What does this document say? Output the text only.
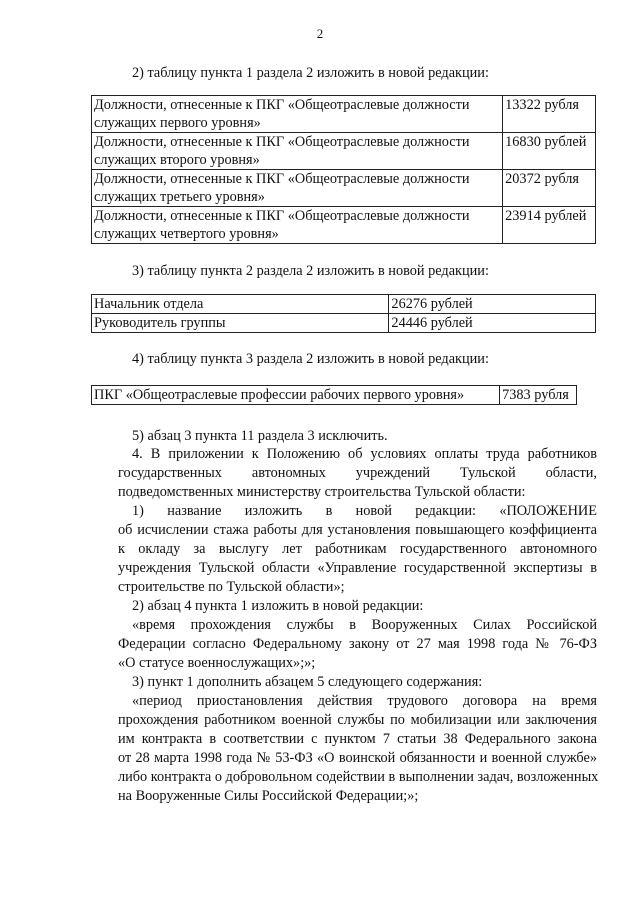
2
2) таблицу пункта 1 раздела 2 изложить в новой редакции:
Должности, отнесенные к ПКГ «Общеотраслевые должности
служащих первого уровня»	13322 рубля

Должности, отнесенные к ПКГ «Общеотраслевые должности
служащих второго уровня»	16830 рублей

Должности, отнесенные к ПКГ «Общеотраслевые должности
служащих третьего уровня»	20372 рубля

Должности, отнесенные к ПКГ «Общеотраслевые должности
служащих четвертого уровня»	23914 рублей
3) таблицу пункта 2 раздела 2 изложить в новой редакции:
Начальник отдела	26276 рублей
Руководитель группы	24446 рублей
4) таблицу пункта 3 раздела 2 изложить в новой редакции:
ПКГ «Общеотраслевые профессии рабочих первого уровня»	7383 рубля
5) абзац 3 пункта 11 раздела 3 исключить.
4. В приложении к Положению об условиях оплаты труда работников
государственных автономных учреждений Тульской области,
подведомственных министерству строительства Тульской области:
1) название изложить в новой редакции: «ПОЛОЖЕНИЕ
об исчислении стажа работы для установления повышающего коэффициента
к окладу за выслугу лет работникам государственного автономного
учреждения Тульской области «Управление государственной экспертизы в
строительстве по Тульской области»;
2) абзац 4 пункта 1 изложить в новой редакции:
«время прохождения службы в Вооруженных Силах Российской
Федерации согласно Федеральному закону от 27 мая 1998 года № 76-ФЗ
«О статусе военнослужащих»;»;
3) пункт 1 дополнить абзацем 5 следующего содержания:
«период приостановления действия трудового договора на время
прохождения работником военной службы по мобилизации или заключения
им контракта в соответствии с пунктом 7 статьи 38 Федерального закона
от 28 марта 1998 года № 53-ФЗ «О воинской обязанности и военной службе»
либо контракта о добровольном содействии в выполнении задач, возложенных
на Вооруженные Силы Российской Федерации;»;
